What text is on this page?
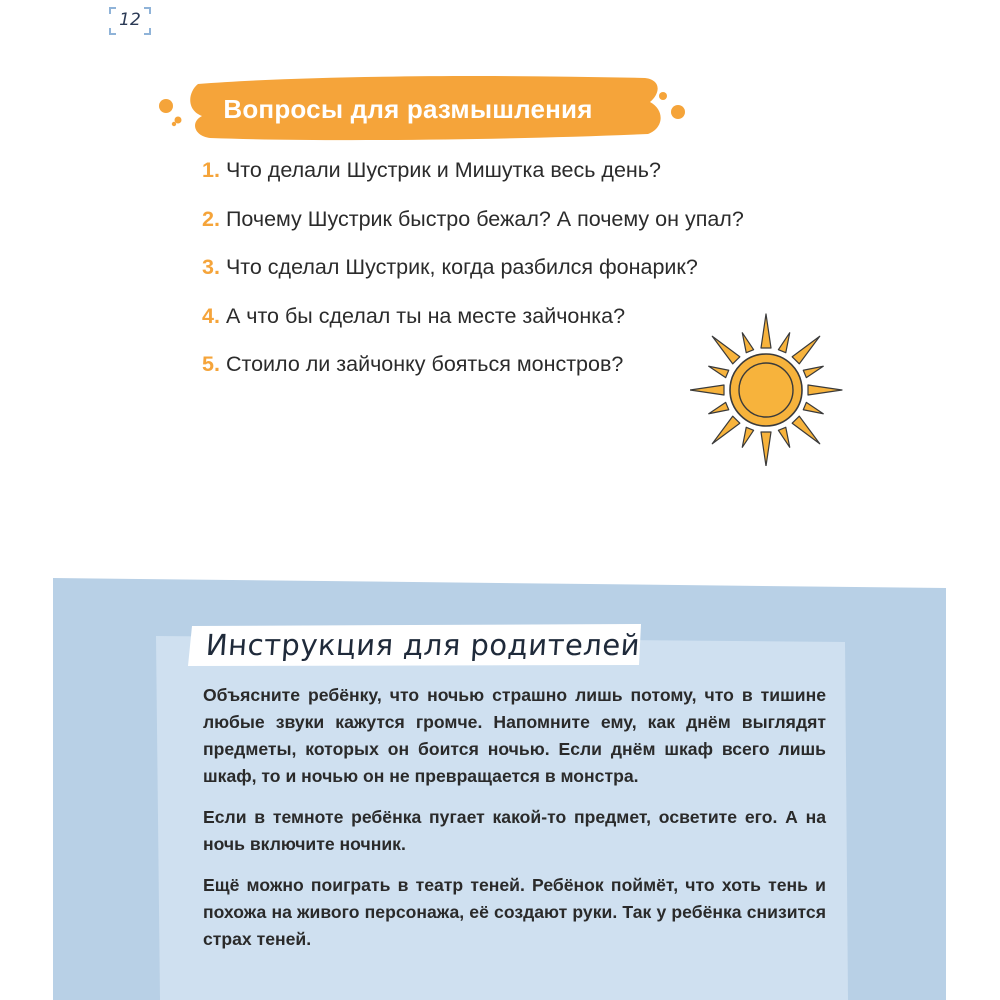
12
Вопросы для размышления
1. Что делали Шустрик и Мишутка весь день?
2. Почему Шустрик быстро бежал? А почему он упал?
3. Что сделал Шустрик, когда разбился фонарик?
4. А что бы сделал ты на месте зайчонка?
5. Стоило ли зайчонку бояться монстров?
Инструкция для родителей

Объясните ребёнку, что ночью страшно лишь потому, что в тишине любые звуки кажутся громче. Напомните ему, как днём выглядят предметы, которых он боится ночью. Если днём шкаф всего лишь шкаф, то и ночью он не превращается в монстра.

Если в темноте ребёнка пугает какой-то предмет, осветите его. А на ночь включите ночник.

Ещё можно поиграть в театр теней. Ребёнок поймёт, что хоть тень и похожа на живого персонажа, её создают руки. Так у ребёнка снизится страх теней.
